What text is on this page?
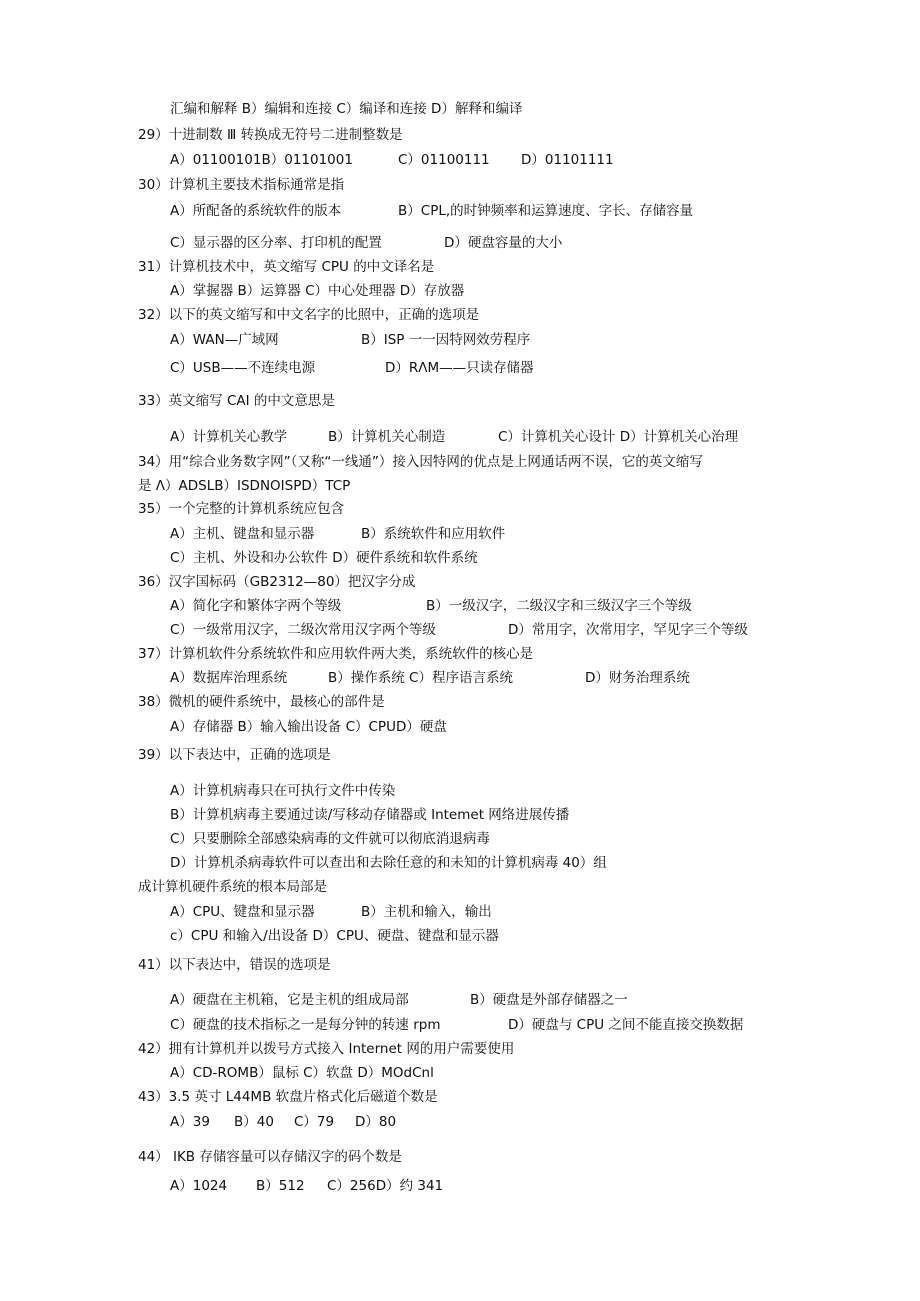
汇编和解释 B）编辑和连接 C）编译和连接 D）解释和编译
29）十进制数 Ⅲ 转换成无符号二进制整数是
A）01100101B）01101001	C）01100111 D）01101111
30）计算机主要技术指标通常是指
A）所配备的系统软件的版本	B）CPL,的时钟频率和运算速度、字长、存储容量
C）显示器的区分率、打印机的配置	D）硬盘容量的大小
31）计算机技术中，英文缩写 CPU 的中文译名是
A）掌握器 B）运算器 C）中心处理器 D）存放器
32）以下的英文缩写和中文名字的比照中，正确的选项是
A）WAN—广域网	B）ISP 一一因特网效劳程序
C）USB——不连续电源	D）RΛM——只读存储器
33）英文缩写 CAI 的中文意思是
A）计算机关心教学	B）计算机关心制造	C）计算机关心设计 D）计算机关心治理
34）用“综合业务数字网”（又称“一线通”）接入因特网的优点是上网通话两不误，它的英文缩写
是 Λ）ADSLB）ISDNOISPD）TCP
35）一个完整的计算机系统应包含
A）主机、键盘和显示器	B）系统软件和应用软件
C）主机、外设和办公软件 D）硬件系统和软件系统
36）汉字国标码（GB2312—80）把汉字分成
A）简化字和繁体字两个等级	B）一级汉字，二级汉字和三级汉字三个等级
C）一级常用汉字，二级次常用汉字两个等级	D）常用字，次常用字，罕见字三个等级
37）计算机软件分系统软件和应用软件两大类，系统软件的核心是
A）数据库治理系统	B）操作系统 C）程序语言系统	D）财务治理系统
38）微机的硬件系统中，最核心的部件是
A）存储器 B）输入输出设备 C）CPUD）硬盘
39）以下表达中，正确的选项是
A）计算机病毒只在可执行文件中传染
B）计算机病毒主要通过读/写移动存储器或 Intemet 网络进展传播
C）只要删除全部感染病毒的文件就可以彻底消退病毒
D）计算机杀病毒软件可以查出和去除任意的和未知的计算机病毒 40）组
成计算机硬件系统的根本局部是
A）CPU、键盘和显示器	B）主机和输入，输出
c）CPU 和输入/出设备 D）CPU、硬盘、键盘和显示器
41）以下表达中，错误的选项是
A）硬盘在主机箱，它是主机的组成局部	B）硬盘是外部存储器之一
C）硬盘的技术指标之一是每分钟的转速 rpm	D）硬盘与 CPU 之间不能直接交换数据
42）拥有计算机并以拨号方式接入 Internet 网的用户需要使用
A）CD-ROMB）鼠标 C）软盘 D）MOdCnl
43）3.5 英寸 L44MB 软盘片格式化后磁道个数是
A）39 B）40 C）79 D）80
44） IKB 存储容量可以存储汉字的码个数是
A）1024 B）512 C）256D）约 341
